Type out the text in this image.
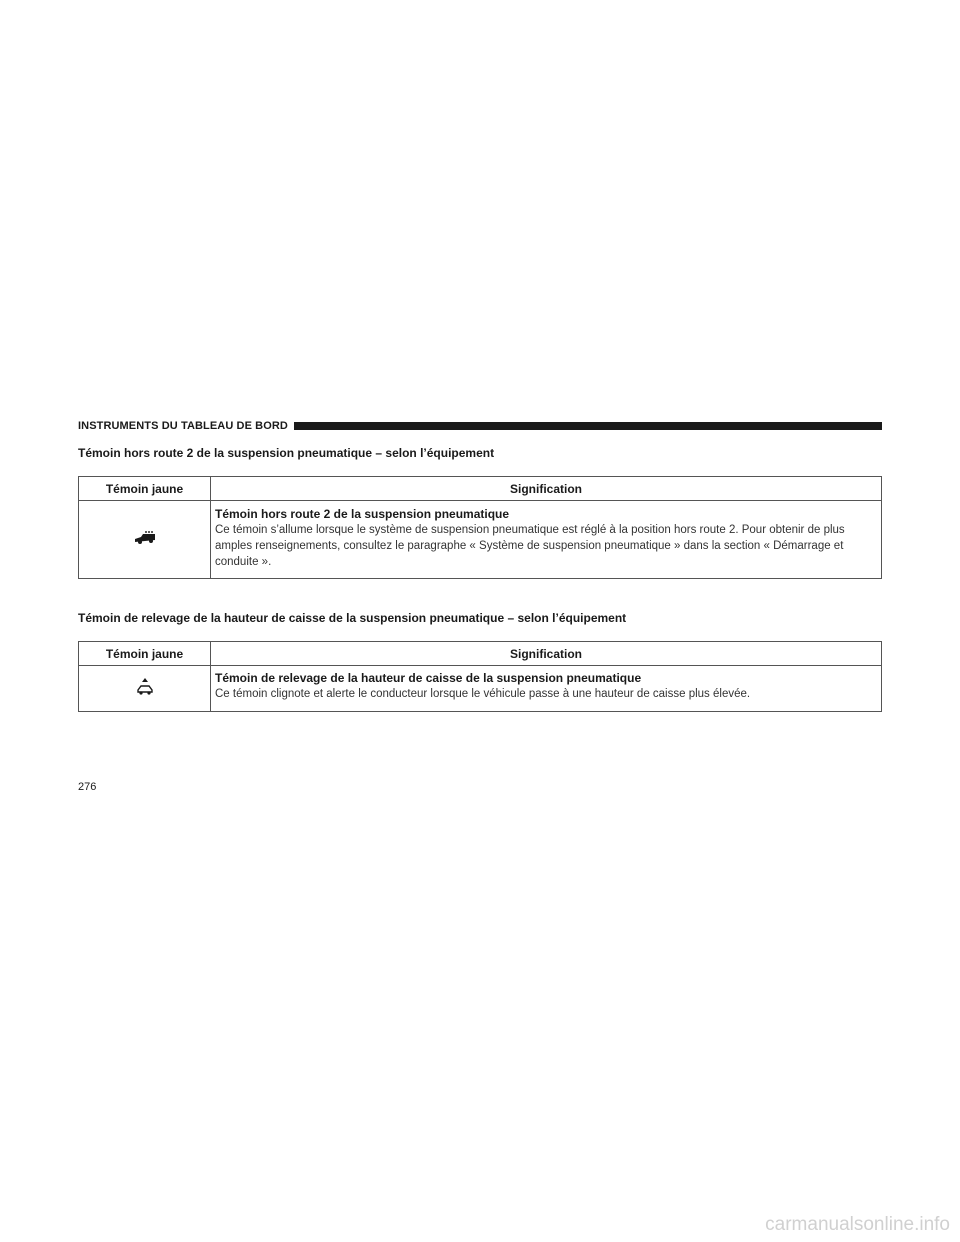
INSTRUMENTS DU TABLEAU DE BORD
Témoin hors route 2 de la suspension pneumatique – selon l’équipement
Témoin jaune	Signification

Témoin hors route 2 de la suspension pneumatique
Ce témoin s’allume lorsque le système de suspension pneumatique est réglé à la position hors route 2. Pour obtenir de plus amples renseignements, consultez le paragraphe « Système de suspension pneumatique » dans la section « Démarrage et conduite ».
Témoin de relevage de la hauteur de caisse de la suspension pneumatique – selon l’équipement
Témoin jaune	Signification

Témoin de relevage de la hauteur de caisse de la suspension pneumatique
Ce témoin clignote et alerte le conducteur lorsque le véhicule passe à une hauteur de caisse plus élevée.
276
carmanualsonline.info
